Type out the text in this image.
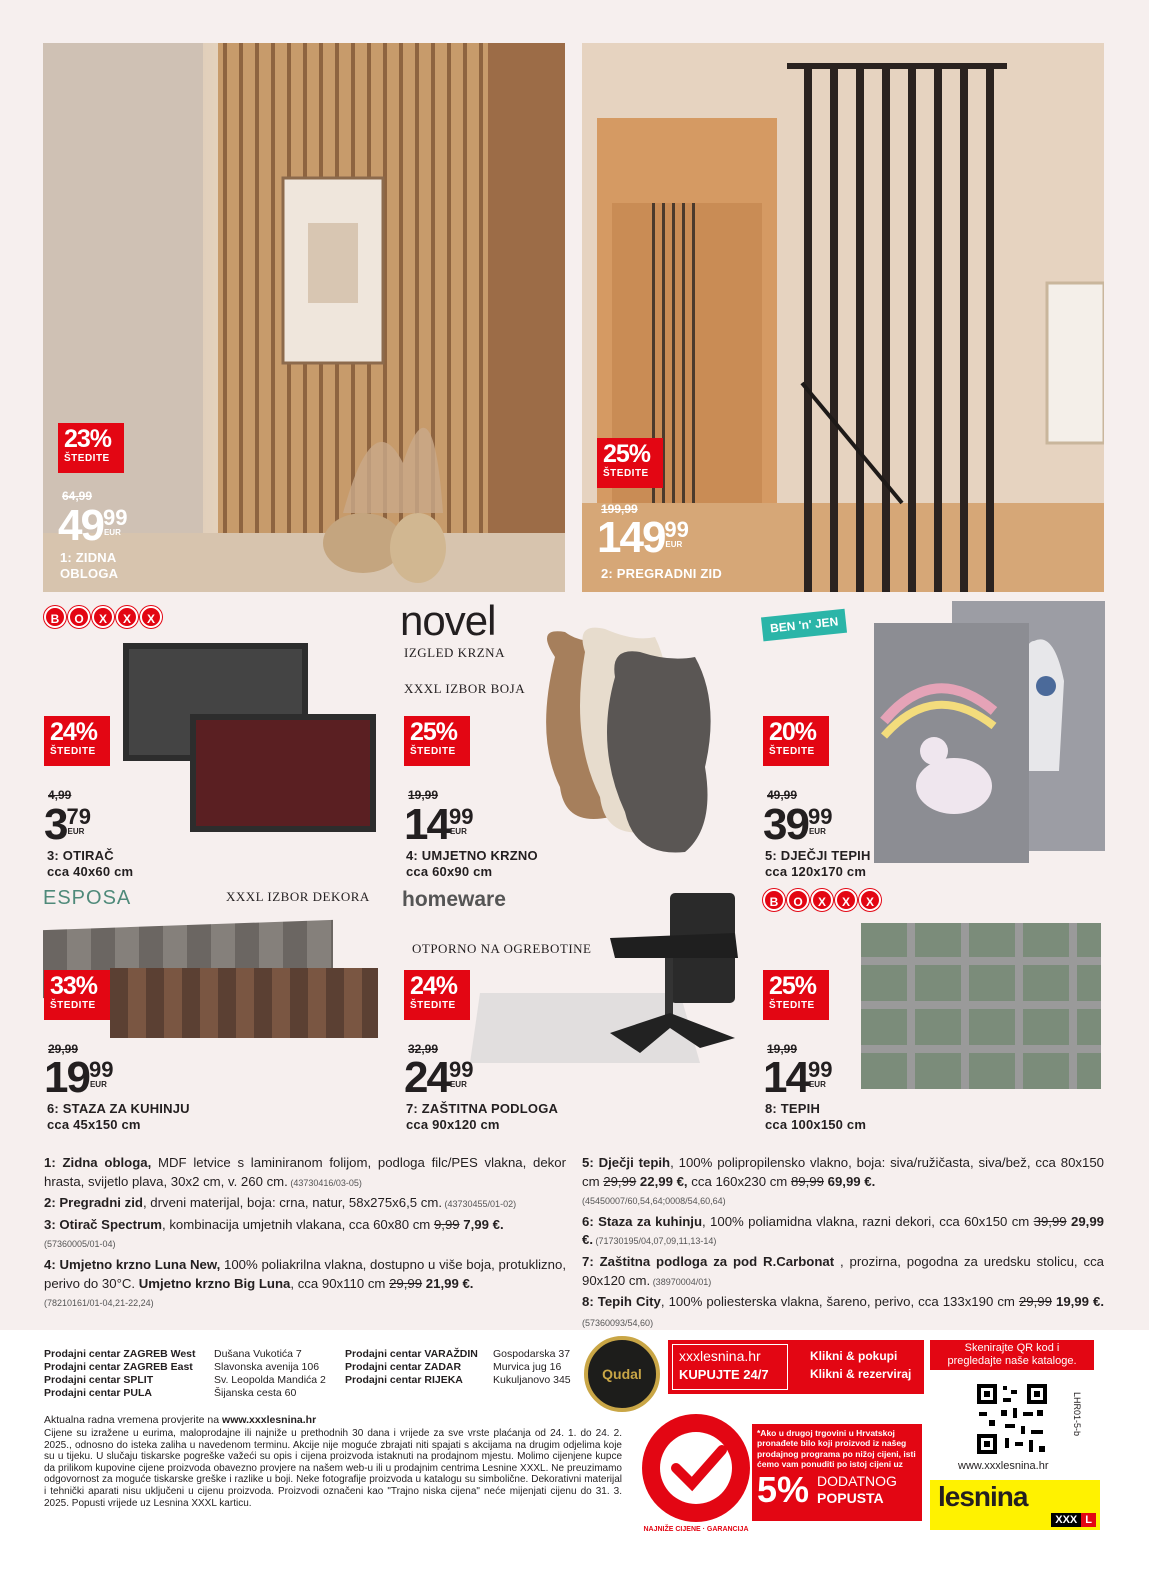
23%
ŠTEDITE
64,99
49 99
EUR
1: ZIDNA
OBLOGA
25%
ŠTEDITE
199,99
149 99
EUR
2: PREGRADNI ZID
B	O	X	X	X
24%
ŠTEDITE
4,99
3 79
EUR
3: OTIRAČ
cca 40x60 cm
novel
IZGLED KRZNA
XXXL IZBOR BOJA
25%
ŠTEDITE
19,99
14 99
EUR
4: UMJETNO KRZNO
cca 60x90 cm
BEN 'n' JEN
20%
ŠTEDITE
49,99
39 99
EUR
5: DJEČJI TEPIH
cca 120x170 cm
ESPOSA	XXXL IZBOR DEKORA
33%
ŠTEDITE
29,99
19 99
EUR
6: STAZA ZA KUHINJU
cca 45x150 cm
homeware
OTPORNO NA OGREBOTINE
24%
ŠTEDITE
32,99
24 99
EUR
7: ZAŠTITNA PODLOGA
cca 90x120 cm
B	O	X	X	X
25%
ŠTEDITE
19,99
14 99
EUR
8: TEPIH
cca 100x150 cm

1: Zidna obloga, MDF letvice s laminiranom folijom, podloga filc/PES vlakna, dekor hrasta, svijetlo plava, 30x2 cm, v. 260 cm. (43730416/03-05)

2: Pregradni zid, drveni materijal, boja: crna, natur, 58x275x6,5 cm. (43730455/01-02)

3: Otirač Spectrum, kombinacija umjetnih vlakana, cca 60x80 cm 9,99 7,99 €.
(57360005/01-04)

4: Umjetno krzno Luna New, 100% poliakrilna vlakna, dostupno u više boja, protuklizno, perivo do 30°C. Umjetno krzno Big Luna, cca 90x110 cm 29,99 21,99 €.
(78210161/01-04,21-22,24)

5: Dječji tepih, 100% polipropilensko vlakno, boja: siva/ružičasta, siva/bež, cca 80x150 cm 29,99 22,99 €, cca 160x230 cm 89,99 69,99 €.
(45450007/60,54,64;0008/54,60,64)

6: Staza za kuhinju, 100% poliamidna vlakna, razni dekori, cca 60x150 cm 39,99 29,99 €. (71730195/04,07,09,11,13-14)

7: Zaštitna podloga za pod R.Carbonat , prozirna, pogodna za uredsku stolicu, cca 90x120 cm. (38970004/01)

8: Tepih City, 100% poliesterska vlakna, šareno, perivo, cca 133x190 cm 29,99 19,99 €. (57360093/54,60)

Prodajni centar ZAGREB West	Dušana Vukotića 7
Prodajni centar ZAGREB East	Slavonska avenija 106
Prodajni centar SPLIT	Sv. Leopolda Mandića 2
Prodajni centar PULA	Šijanska cesta 60
Prodajni centar VARAŽDIN	Gospodarska 37
Prodajni centar ZADAR	Murvica jug 16
Prodajni centar RIJEKA	Kukuljanovo 345	Qudal
Aktualna radna vremena provjerite na www.xxxlesnina.hr
Cijene su izražene u eurima, maloprodajne ili najniže u prethodnih 30 dana i vrijede za sve vrste plaćanja od 24. 1. do 24. 2. 2025., odnosno do isteka zaliha u navedenom terminu. Akcije nije moguće zbrajati niti spajati s akcijama na drugim odjelima koje su u tijeku. U slučaju tiskarske pogreške važeći su opis i cijena proizvoda istaknuti na prodajnom mjestu. Molimo cijenjene kupce da prilikom kupovine cijene proizvoda obavezno provjere na našem web-u ili u prodajnim centrima Lesnine XXXL. Ne preuzimamo odgovornost za moguće tiskarske greške i razlike u boji. Neke fotografije proizvoda u katalogu su simbolične. Dekorativni materijal i tehnički aparati nisu uključeni u cijenu proizvoda. Proizvodi označeni kao "Trajno niska cijena" neće mijenjati cijenu do 31. 3. 2025. Popusti vrijede uz Lesnina XXXL karticu.
xxxlesnina.hr
KUPUJTE 24/7
Klikni & pokupi
Klikni & rezerviraj
Skenirajte QR kod i pregledajte naše kataloge.
www.xxxlesnina.hr
LHR01-5-b
NAJNIŽE CIJENE · GARANCIJA
*Ako u drugoj trgovini u Hrvatskoj pronađete bilo koji proizvod iz našeg prodajnog programa po nižoj cijeni, isti ćemo vam ponuditi po istoj cijeni uz
5% DODATNOG
POPUSTA	lesnina
XXX L
